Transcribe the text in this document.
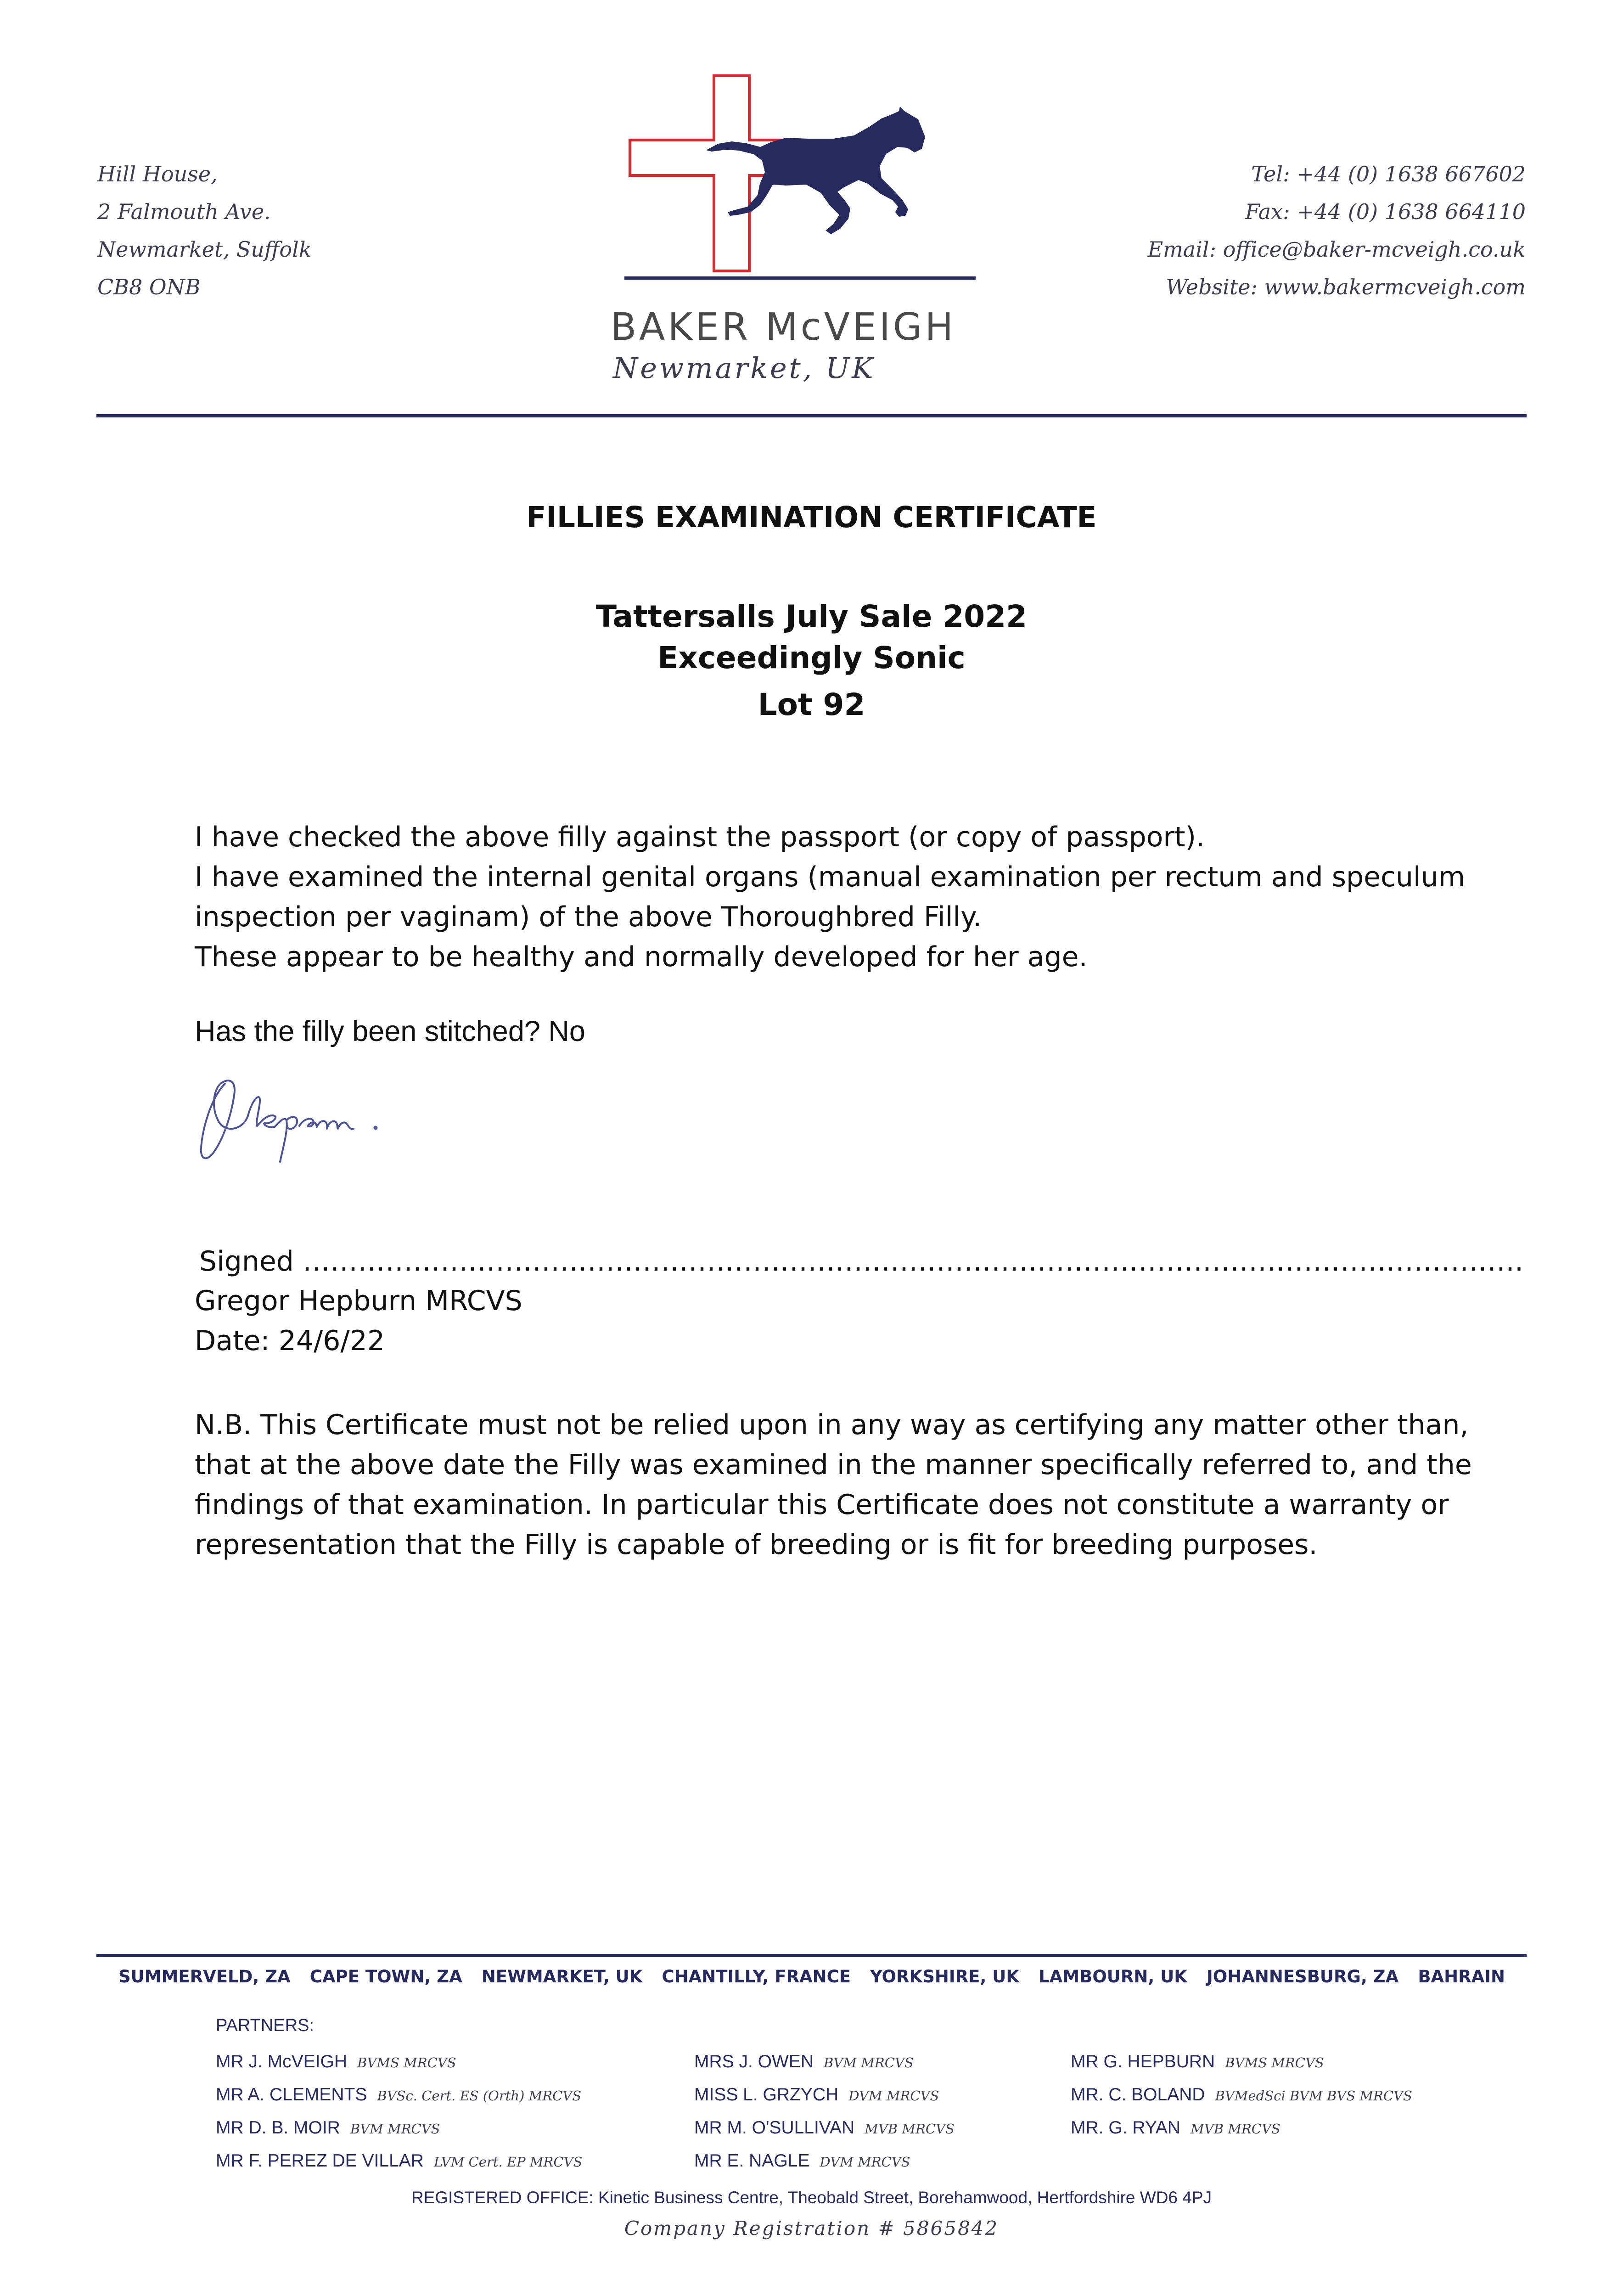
Hill House,
2 Falmouth Ave.
Newmarket, Suffolk
CB8 ONB
BAKER McVEIGH
Newmarket, UK
Tel: +44 (0) 1638 667602
Fax: +44 (0) 1638 664110
Email: office@baker-mcveigh.co.uk
Website: www.bakermcveigh.com
FILLIES EXAMINATION CERTIFICATE
Tattersalls July Sale 2022
Exceedingly Sonic
Lot 92
I have checked the above filly against the passport (or copy of passport).
I have examined the internal genital organs (manual examination per rectum and speculum
inspection per vaginam) of the above Thoroughbred Filly.
These appear to be healthy and normally developed for her age.
Has the filly been stitched? No
Signed …………………………………………………………………………………………………………………….
Gregor Hepburn MRCVS
Date: 24/6/22
N.B. This Certificate must not be relied upon in any way as certifying any matter other than,
that at the above date the Filly was examined in the manner specifically referred to, and the
findings of that examination. In particular this Certificate does not constitute a warranty or
representation that the Filly is capable of breeding or is fit for breeding purposes.
SUMMERVELD, ZA CAPE TOWN, ZA NEWMARKET, UK CHANTILLY, FRANCE YORKSHIRE, UK LAMBOURN, UK JOHANNESBURG, ZA BAHRAIN
PARTNERS:
MR J. McVEIGH BVMS MRCVS
MR A. CLEMENTS BVSc. Cert. ES (Orth) MRCVS
MR D. B. MOIR BVM MRCVS
MR F. PEREZ DE VILLAR LVM Cert. EP MRCVS
MRS J. OWEN BVM MRCVS
MISS L. GRZYCH DVM MRCVS
MR M. O'SULLIVAN MVB MRCVS
MR E. NAGLE DVM MRCVS
MR G. HEPBURN BVMS MRCVS
MR. C. BOLAND BVMedSci BVM BVS MRCVS
MR. G. RYAN MVB MRCVS
REGISTERED OFFICE: Kinetic Business Centre, Theobald Street, Borehamwood, Hertfordshire WD6 4PJ
Company Registration # 5865842
